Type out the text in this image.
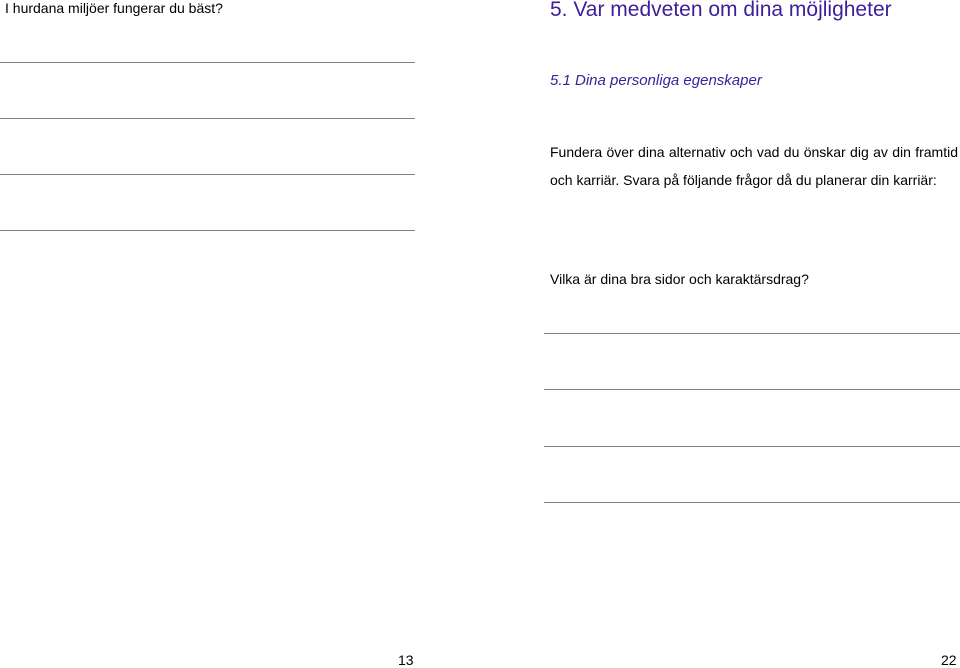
I hurdana miljöer fungerar du bäst?
13
5. Var medveten om dina möjligheter
5.1 Dina personliga egenskaper
Fundera över dina alternativ och vad du önskar dig av din framtid och karriär. Svara på följande frågor då du planerar din karriär:
Vilka är dina bra sidor och karaktärsdrag?
22
